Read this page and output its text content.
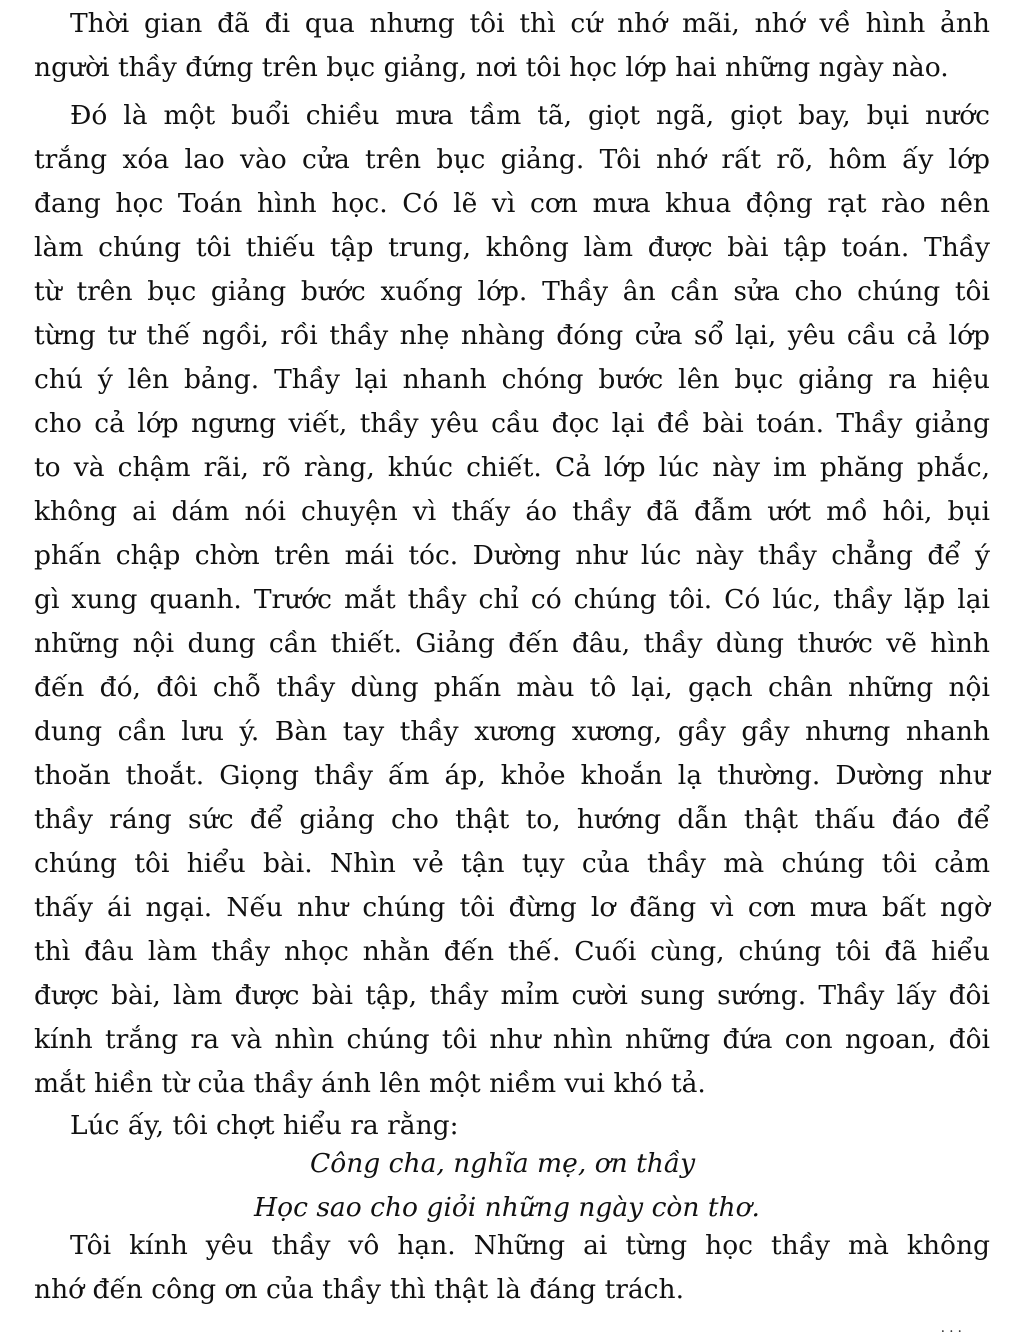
Thời gian đã đi qua nhưng tôi thì cứ nhớ mãi, nhớ về hình ảnh
người thầy đứng trên bục giảng, nơi tôi học lớp hai những ngày nào.
Đó là một buổi chiều mưa tầm tã, giọt ngã, giọt bay, bụi nước
trắng xóa lao vào cửa trên bục giảng. Tôi nhớ rất rõ, hôm ấy lớp
đang học Toán hình học. Có lẽ vì cơn mưa khua động rạt rào nên
làm chúng tôi thiếu tập trung, không làm được bài tập toán. Thầy
từ trên bục giảng bước xuống lớp. Thầy ân cần sửa cho chúng tôi
từng tư thế ngồi, rồi thầy nhẹ nhàng đóng cửa sổ lại, yêu cầu cả lớp
chú ý lên bảng. Thầy lại nhanh chóng bước lên bục giảng ra hiệu
cho cả lớp ngưng viết, thầy yêu cầu đọc lại đề bài toán. Thầy giảng
to và chậm rãi, rõ ràng, khúc chiết. Cả lớp lúc này im phăng phắc,
không ai dám nói chuyện vì thấy áo thầy đã đẫm ướt mồ hôi, bụi
phấn chập chờn trên mái tóc. Dường như lúc này thầy chẳng để ý
gì xung quanh. Trước mắt thầy chỉ có chúng tôi. Có lúc, thầy lặp lại
những nội dung cần thiết. Giảng đến đâu, thầy dùng thước vẽ hình
đến đó, đôi chỗ thầy dùng phấn màu tô lại, gạch chân những nội
dung cần lưu ý. Bàn tay thầy xương xương, gầy gầy nhưng nhanh
thoăn thoắt. Giọng thầy ấm áp, khỏe khoắn lạ thường. Dường như
thầy ráng sức để giảng cho thật to, hướng dẫn thật thấu đáo để
chúng tôi hiểu bài. Nhìn vẻ tận tụy của thầy mà chúng tôi cảm
thấy ái ngại. Nếu như chúng tôi đừng lơ đãng vì cơn mưa bất ngờ
thì đâu làm thầy nhọc nhằn đến thế. Cuối cùng, chúng tôi đã hiểu
được bài, làm được bài tập, thầy mỉm cười sung sướng. Thầy lấy đôi
kính trắng ra và nhìn chúng tôi như nhìn những đứa con ngoan, đôi
mắt hiền từ của thầy ánh lên một niềm vui khó tả.
Lúc ấy, tôi chợt hiểu ra rằng:
Công cha, nghĩa mẹ, ơn thầy
Học sao cho giỏi những ngày còn thơ.
Tôi kính yêu thầy vô hạn. Những ai từng học thầy mà không
nhớ đến công ơn của thầy thì thật là đáng trách.
...
